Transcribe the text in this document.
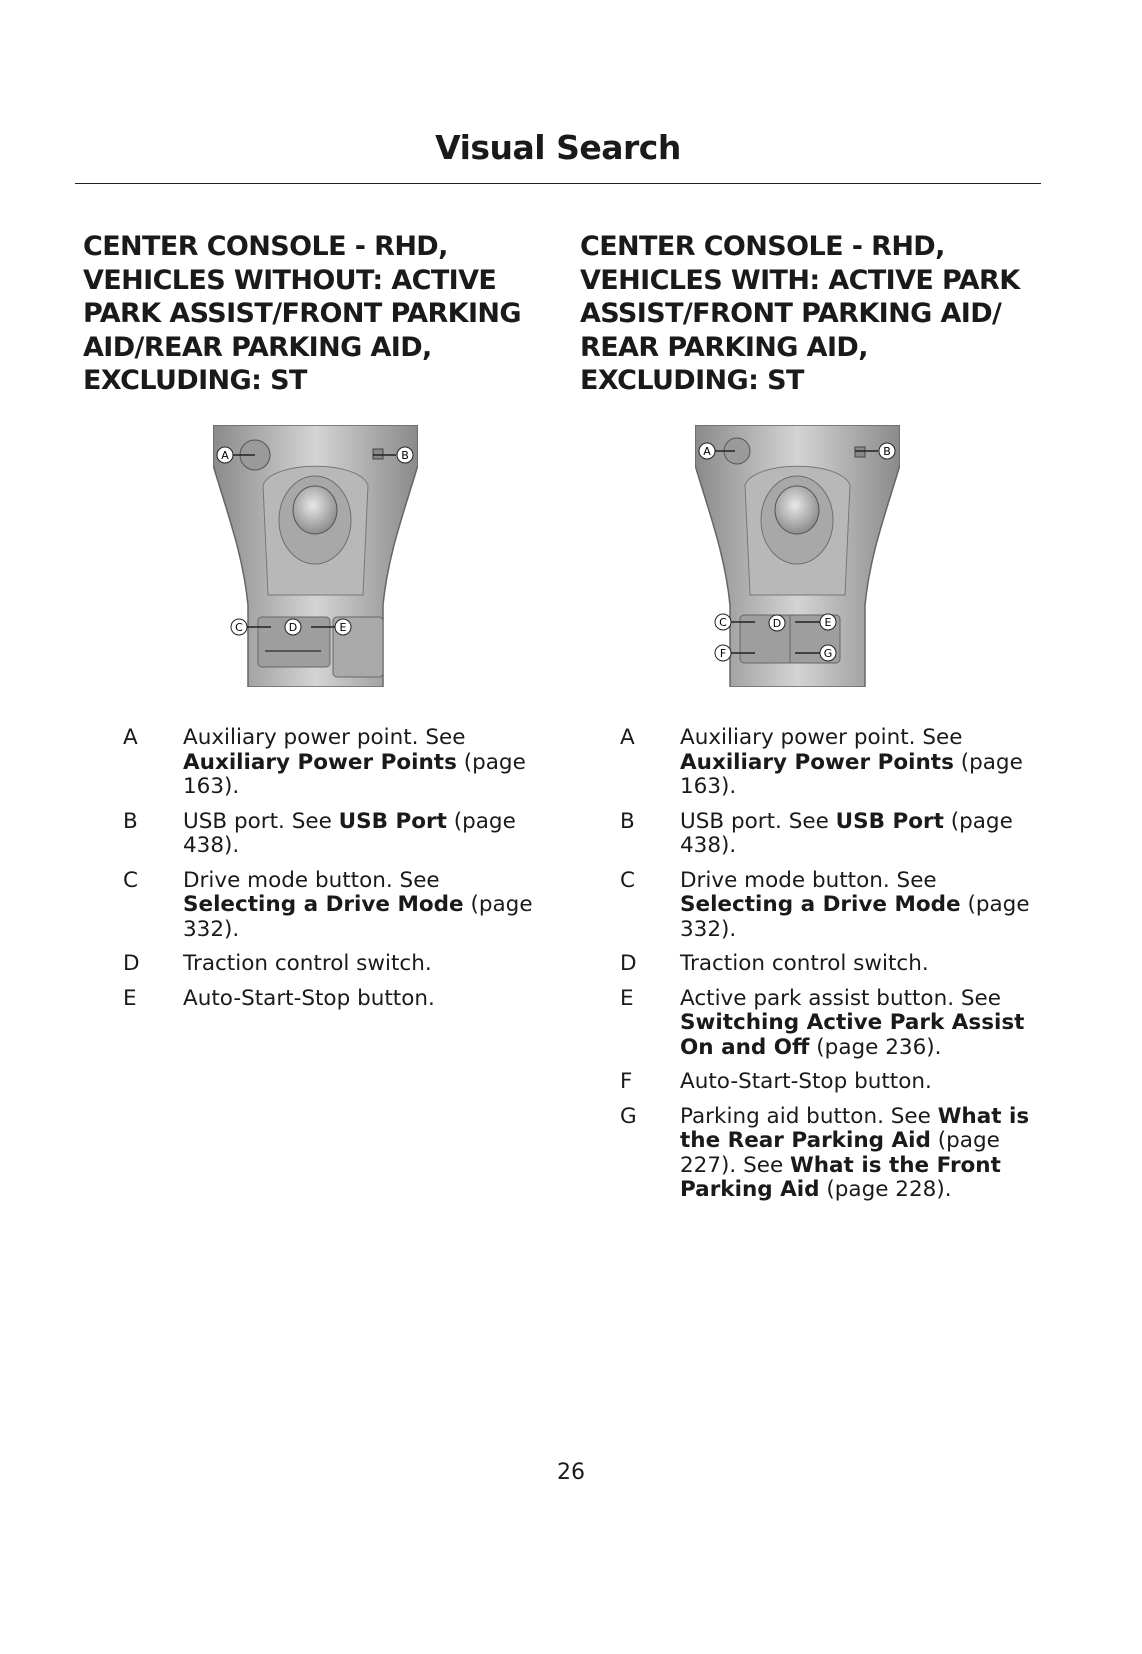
Visual Search
CENTER CONSOLE - RHD, VEHICLES WITHOUT: ACTIVE PARK ASSIST/FRONT PARKING AID/REAR PARKING AID, EXCLUDING: ST
A	B
C	D	E
A	Auxiliary power point. See Auxiliary Power Points (page 163).
B	USB port. See USB Port (page 438).
C	Drive mode button. See Selecting a Drive Mode (page 332).
D	Traction control switch.
E	Auto-Start-Stop button.
CENTER CONSOLE - RHD, VEHICLES WITH: ACTIVE PARK ASSIST/FRONT PARKING AID/ REAR PARKING AID, EXCLUDING: ST
A	B
C	D	E
F	G
A	Auxiliary power point. See Auxiliary Power Points (page 163).
B	USB port. See USB Port (page 438).
C	Drive mode button. See Selecting a Drive Mode (page 332).
D	Traction control switch.
E	Active park assist button. See Switching Active Park Assist On and Off (page 236).
F	Auto-Start-Stop button.
G	Parking aid button. See What is the Rear Parking Aid (page 227). See What is the Front Parking Aid (page 228).
26
